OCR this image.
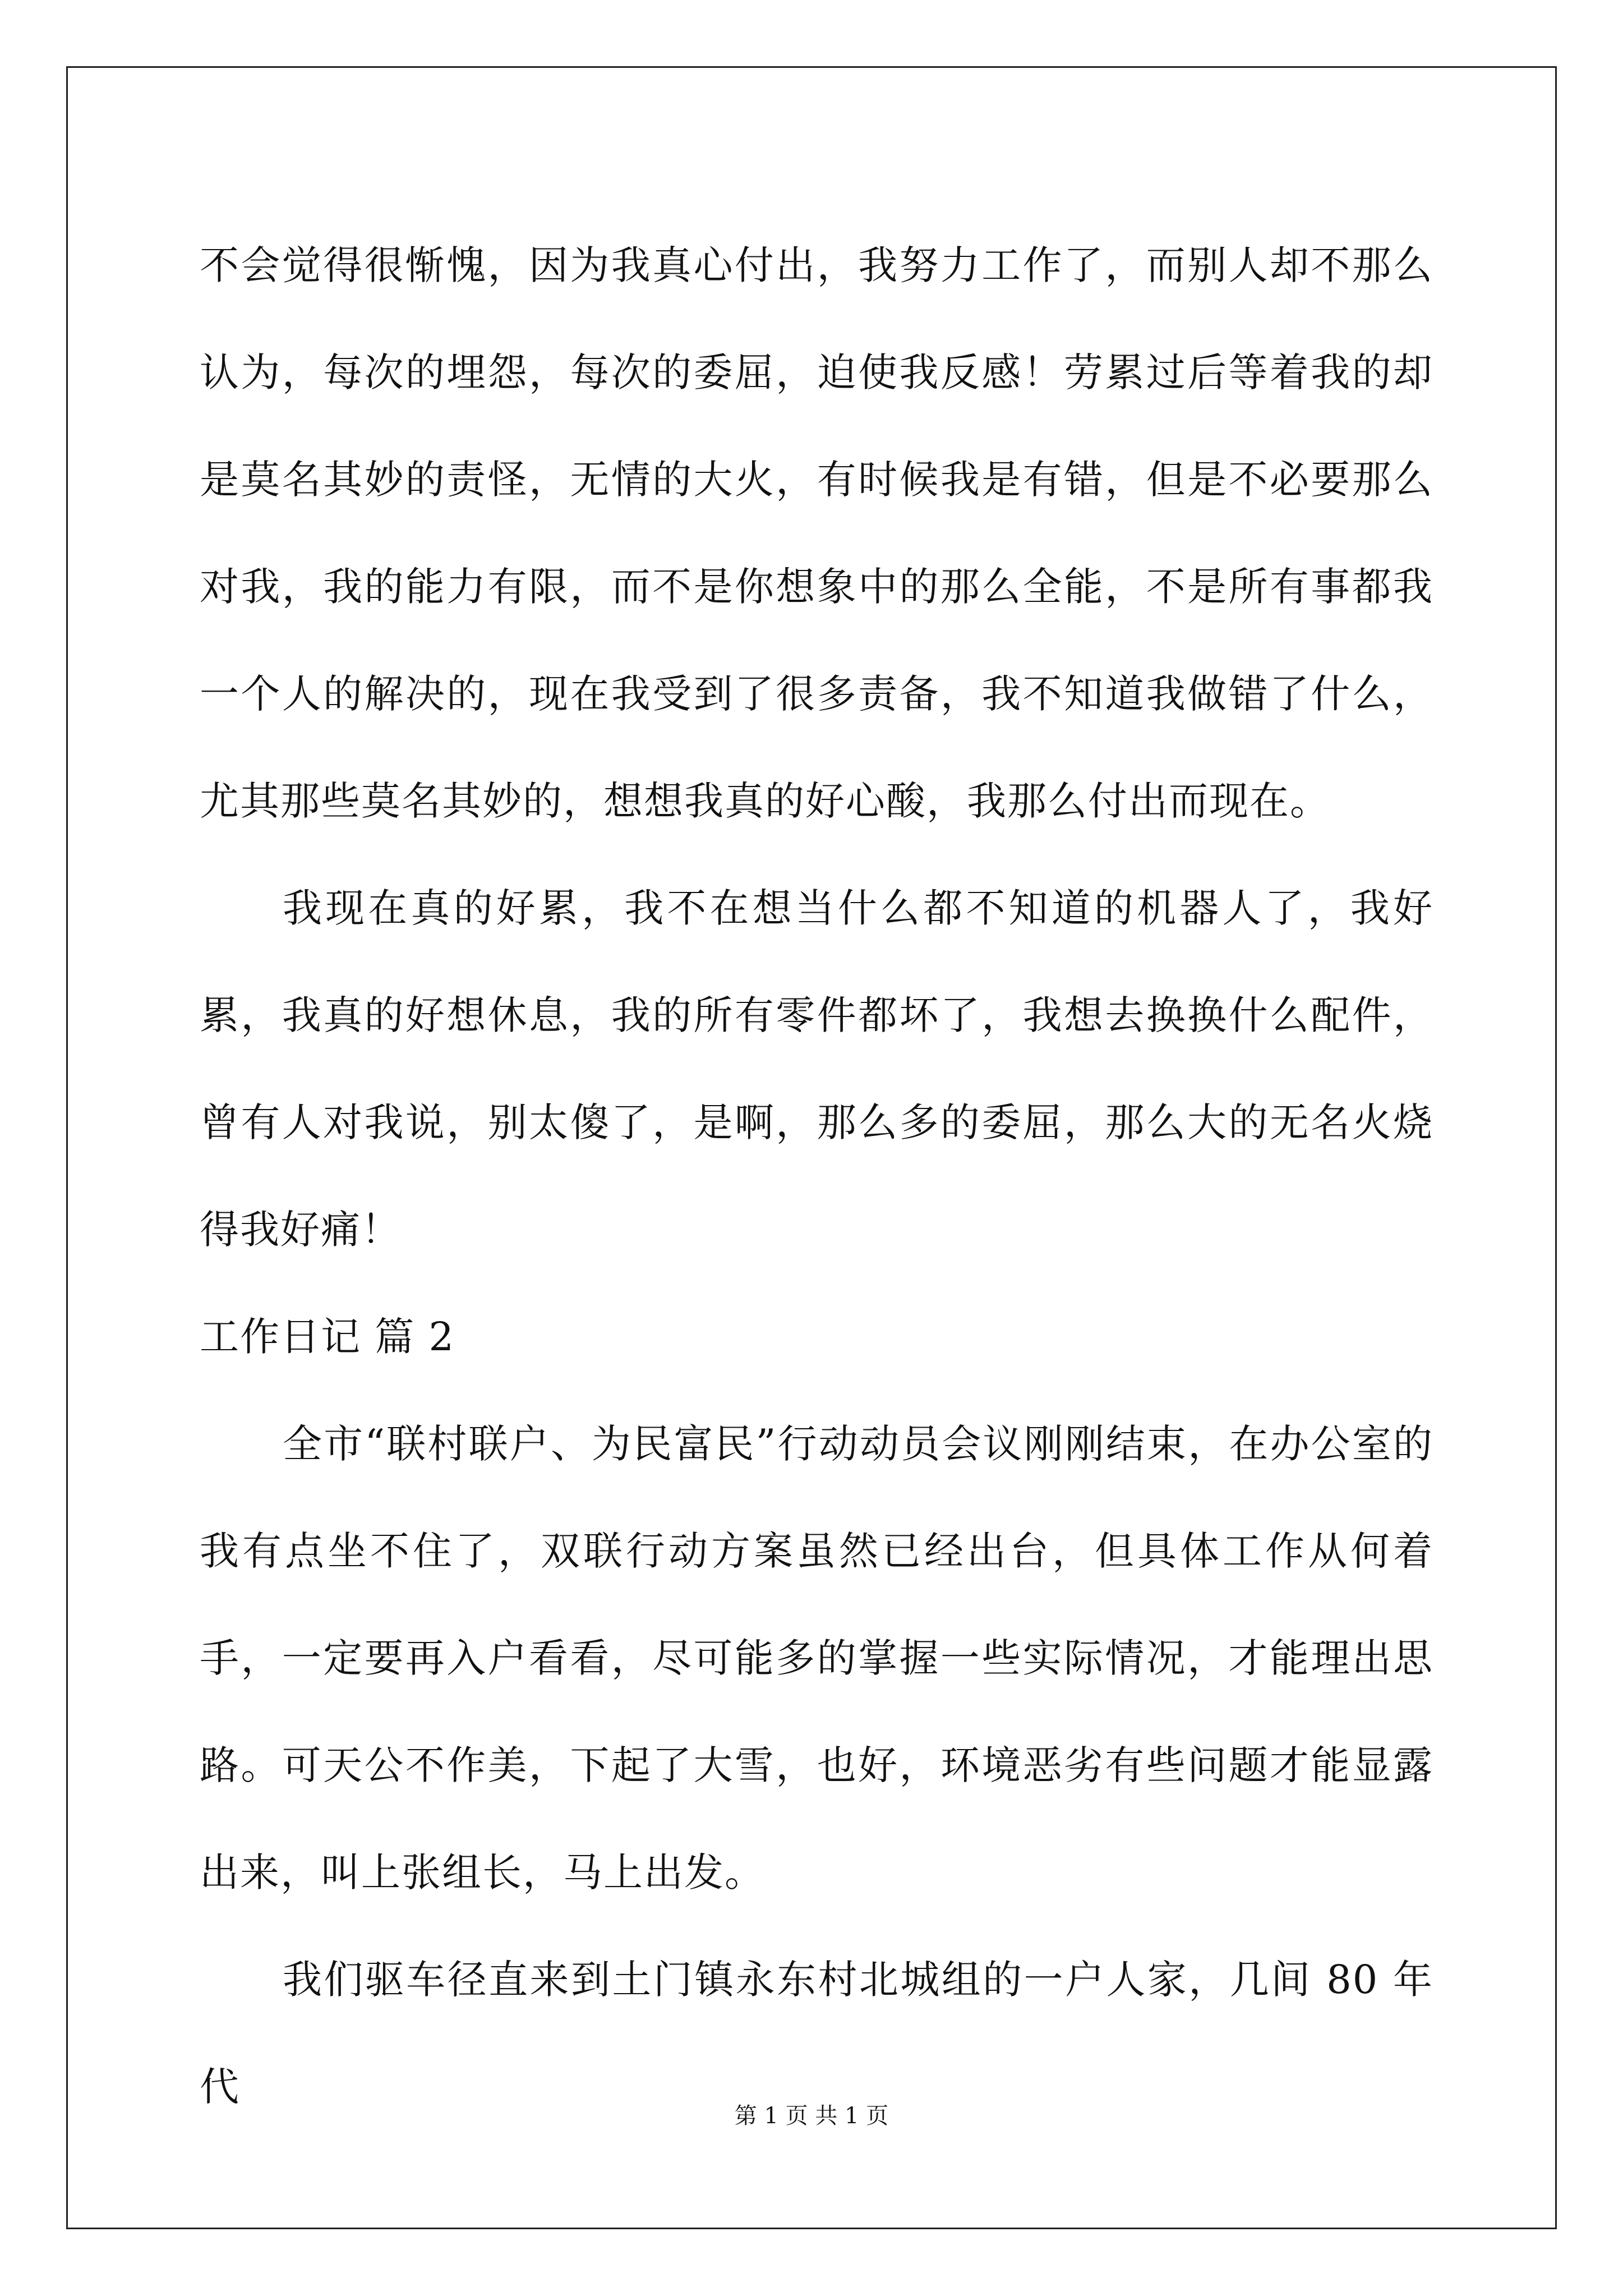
不会觉得很惭愧，因为我真心付出，我努力工作了，而别人却不那么认为，每次的埋怨，每次的委屈，迫使我反感！劳累过后等着我的却是莫名其妙的责怪，无情的大火，有时候我是有错，但是不必要那么对我，我的能力有限，而不是你想象中的那么全能，不是所有事都我一个人的解决的，现在我受到了很多责备，我不知道我做错了什么，尤其那些莫名其妙的，想想我真的好心酸，我那么付出而现在。

我现在真的好累，我不在想当什么都不知道的机器人了，我好累，我真的好想休息，我的所有零件都坏了，我想去换换什么配件，曾有人对我说，别太傻了，是啊，那么多的委屈，那么大的无名火烧得我好痛！

工作日记 篇 2

全市“联村联户、为民富民”行动动员会议刚刚结束，在办公室的我有点坐不住了，双联行动方案虽然已经出台，但具体工作从何着手，一定要再入户看看，尽可能多的掌握一些实际情况，才能理出思路。可天公不作美，下起了大雪，也好，环境恶劣有些问题才能显露出来，叫上张组长，马上出发。

我们驱车径直来到土门镇永东村北城组的一户人家，几间 80 年代

第 1 页 共 1 页
